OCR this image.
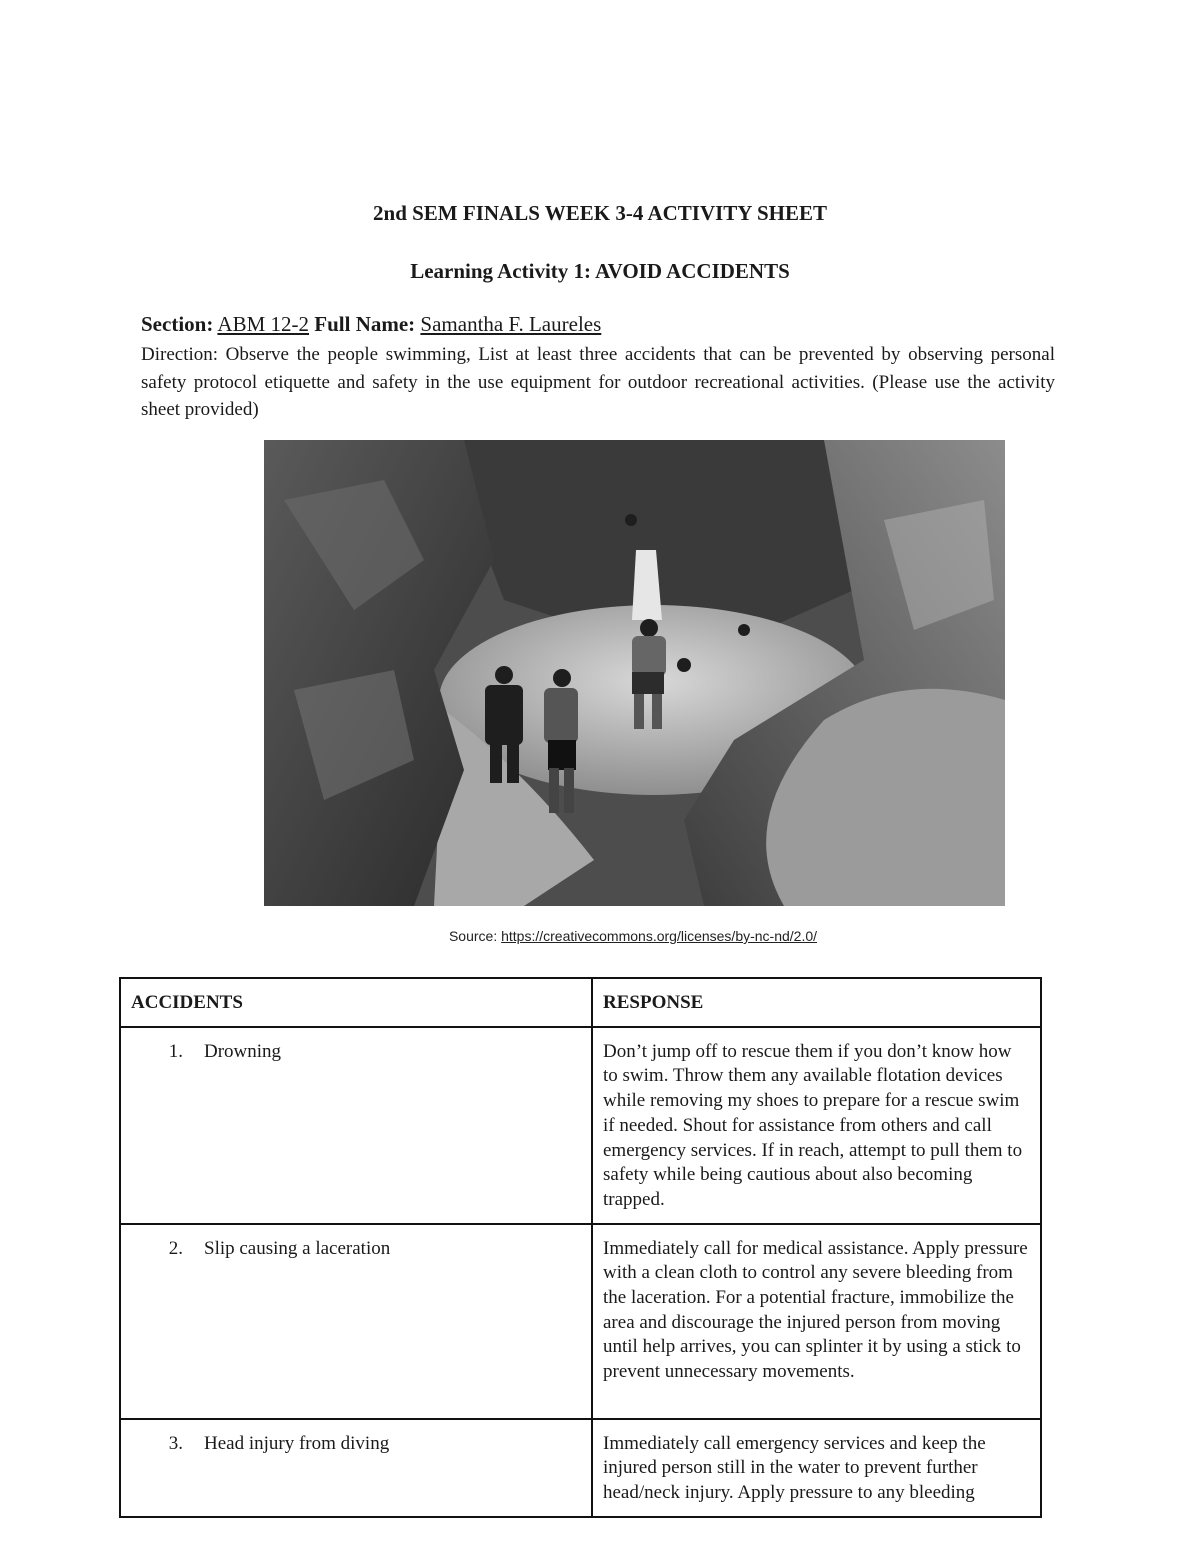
2nd SEM FINALS WEEK 3-4 ACTIVITY SHEET
Learning Activity 1: AVOID ACCIDENTS
Section: ABM 12-2 Full Name: Samantha F. Laureles
Direction: Observe the people swimming, List at least three accidents that can be prevented by observing personal safety protocol etiquette and safety in the use equipment for outdoor recreational activities. (Please use the activity sheet provided)
Source: https://creativecommons.org/licenses/by-nc-nd/2.0/
ACCIDENTS	RESPONSE
1. Drowning	Don’t jump off to rescue them if you don’t know how to swim. Throw them any available flotation devices while removing my shoes to prepare for a rescue swim if needed. Shout for assistance from others and call emergency services. If in reach, attempt to pull them to safety while being cautious about also becoming trapped.
2. Slip causing a laceration	Immediately call for medical assistance. Apply pressure with a clean cloth to control any severe bleeding from the laceration. For a potential fracture, immobilize the area and discourage the injured person from moving until help arrives, you can splinter it by using a stick to prevent unnecessary movements.
3. Head injury from diving	Immediately call emergency services and keep the injured person still in the water to prevent further head/neck injury. Apply pressure to any bleeding
